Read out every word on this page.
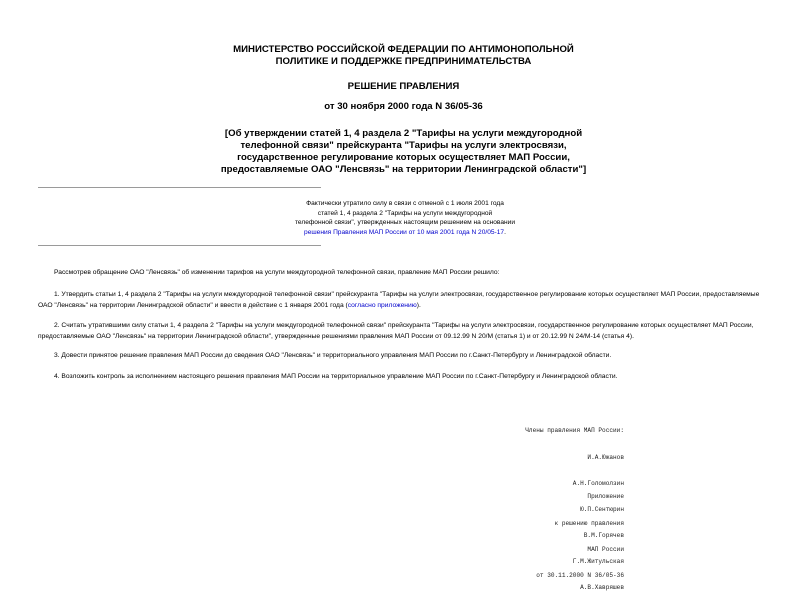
МИНИСТЕРСТВО РОССИЙСКОЙ ФЕДЕРАЦИИ ПО АНТИМОНОПОЛЬНОЙ
ПОЛИТИКЕ И ПОДДЕРЖКЕ ПРЕДПРИНИМАТЕЛЬСТВА
РЕШЕНИЕ ПРАВЛЕНИЯ
от 30 ноября 2000 года N 36/05-36
[Об утверждении статей 1, 4 раздела 2 "Тарифы на услуги междугородной
телефонной связи" прейскуранта "Тарифы на услуги электросвязи,
государственное регулирование которых осуществляет МАП России,
предоставляемые ОАО "Ленсвязь" на территории Ленинградской области"]
Фактически утратило силу в связи с отменой с 1 июля 2001 года
статей 1, 4 раздела 2 "Тарифы на услуги междугородной
телефонной связи", утвержденных настоящим решением на основании
решения Правления МАП России от 10 мая 2001 года N 20/05-17.
Рассмотрев обращение ОАО "Ленсвязь" об изменении тарифов на услуги междугородной телефонной связи, правление МАП России решило:
1. Утвердить статьи 1, 4 раздела 2 "Тарифы на услуги междугородной телефонной связи" прейскуранта "Тарифы на услуги электросвязи, государственное регулирование которых осуществляет МАП России, предоставляемые ОАО "Ленсвязь" на территории Ленинградской области" и ввести в действие с 1 января 2001 года (согласно приложению).
2. Считать утратившими силу статьи 1, 4 раздела 2 "Тарифы на услуги междугородной телефонной связи" прейскуранта "Тарифы на услуги электросвязи, государственное регулирование которых осуществляет МАП России, предоставляемые ОАО "Ленсвязь" на территории Ленинградской области", утвержденные решениями правления МАП России от 09.12.99 N 20/М (статья 1) и от 20.12.99 N 24/М-14 (статья 4).
3. Довести принятое решение правления МАП России до сведения ОАО "Ленсвязь" и территориального управления МАП России по г.Санкт-Петербургу и Ленинградской области.
4. Возложить контроль за исполнением настоящего решения правления МАП России на территориальное управление МАП России по г.Санкт-Петербургу и Ленинградской области.

Члены правления МАП России:

И.А.Южанов

А.Н.Голомолзин

Ю.П.Сентюрин

В.М.Горячев

Г.М.Житульская

А.В.Хавряшев

Приложение

к решению правления

МАП России

от 30.11.2000 N 36/05-36
